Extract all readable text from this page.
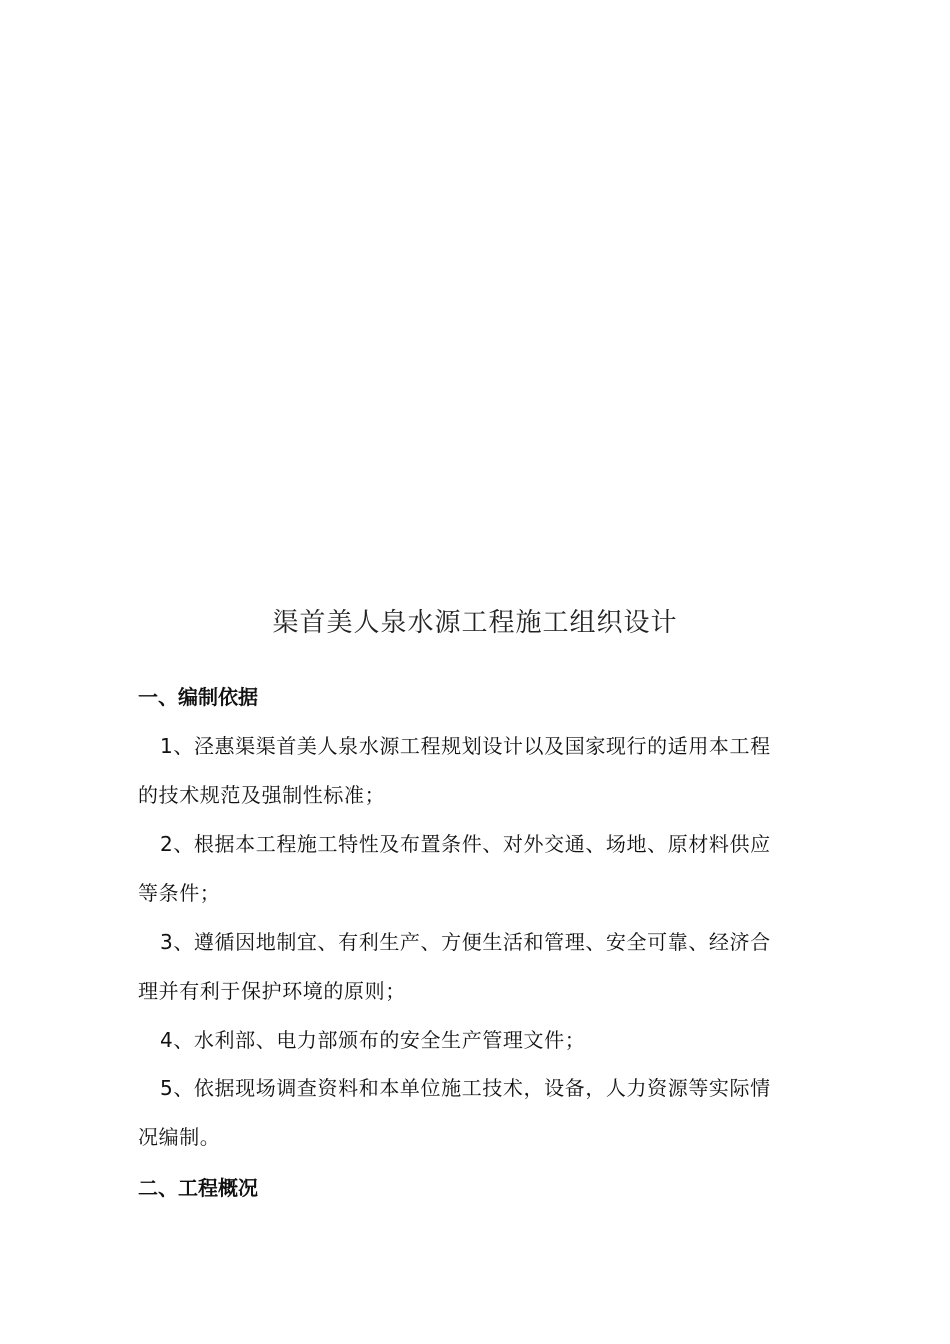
渠首美人泉水源工程施工组织设计
一、编制依据

1、泾惠渠渠首美人泉水源工程规划设计以及国家现行的适用本工程的技术规范及强制性标准；

2、根据本工程施工特性及布置条件、对外交通、场地、原材料供应等条件；

3、遵循因地制宜、有利生产、方便生活和管理、安全可靠、经济合理并有利于保护环境的原则；

4、水利部、电力部颁布的安全生产管理文件；

5、依据现场调查资料和本单位施工技术，设备，人力资源等实际情况编制。

二、工程概况
